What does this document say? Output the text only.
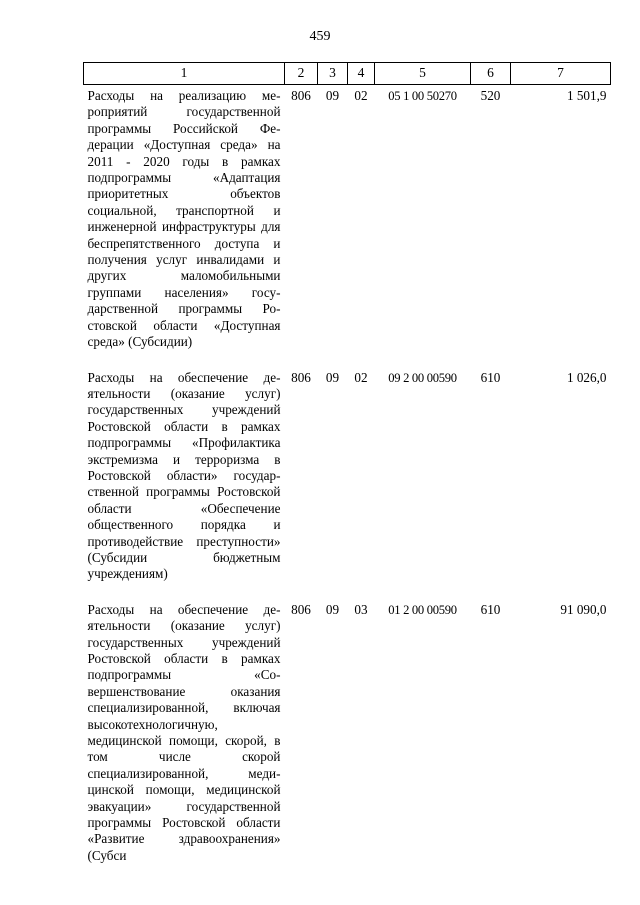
459
1	2	3	4	5	6	7
Расходы на реализацию мероприятий государственной программы Российской Федерации «Доступная среда» на 2011 - 2020 годы в рамках подпрограммы «Адаптация приоритетных объектов социальной, транспортной и инженерной инфраструктуры для беспрепятственного доступа и получения услуг инвалидами и других маломобильными группами населения» государственной программы Ростовской области «Доступная среда» (Субсидии)	806	09	02	05 1 00 50270	520	1 501,9
Расходы на обеспечение деятельности (оказание услуг) государственных учреждений Ростовской области в рамках подпрограммы «Профилактика экстремизма и терроризма в Ростовской области» государственной программы Ростовской области «Обеспечение общественного порядка и противодействие преступности» (Субсидии бюджетным учреждениям)	806	09	02	09 2 00 00590	610	1 026,0
Расходы на обеспечение деятельности (оказание услуг) государственных учреждений Ростовской области в рамках подпрограммы «Совершенствование оказания специализированной, включая высокотехнологичную, медицинской помощи, скорой, в том числе скорой специализированной, медицинской помощи, медицинской эвакуации» государственной программы Ростовской области «Развитие здравоохранения» (Субси	806	09	03	01 2 00 00590	610	91 090,0
